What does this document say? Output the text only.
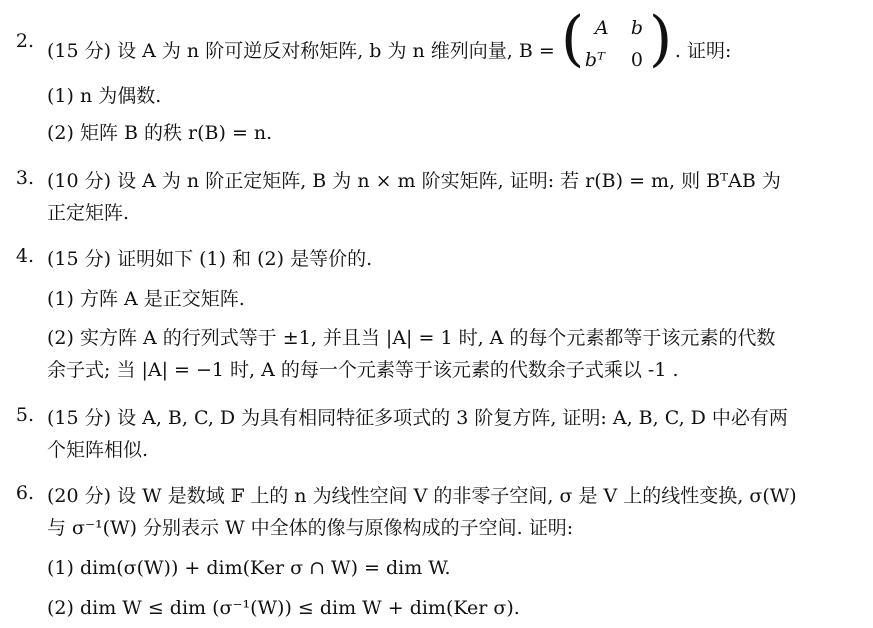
2. (15 分) 设 A 为 n 阶可逆反对称矩阵, b 为 n 维列向量, B = ( A b
bᵀ 0 ) . 证明:
(1) n 为偶数.
(2) 矩阵 B 的秩 r(B) = n.
3. (10 分) 设 A 为 n 阶正定矩阵, B 为 n × m 阶实矩阵, 证明: 若 r(B) = m, 则 BᵀAB 为
正定矩阵.
4. (15 分) 证明如下 (1) 和 (2) 是等价的.
(1) 方阵 A 是正交矩阵.
(2) 实方阵 A 的行列式等于 ±1, 并且当 |A| = 1 时, A 的每个元素都等于该元素的代数
余子式; 当 |A| = −1 时, A 的每一个元素等于该元素的代数余子式乘以 -1 .
5. (15 分) 设 A, B, C, D 为具有相同特征多项式的 3 阶复方阵, 证明: A, B, C, D 中必有两
个矩阵相似.
6. (20 分) 设 W 是数域 𝔽 上的 n 为线性空间 V 的非零子空间, σ 是 V 上的线性变换, σ(W)
与 σ⁻¹(W) 分别表示 W 中全体的像与原像构成的子空间. 证明:
(1) dim(σ(W)) + dim(Ker σ ∩ W) = dim W.
(2) dim W ≤ dim (σ⁻¹(W)) ≤ dim W + dim(Ker σ).
